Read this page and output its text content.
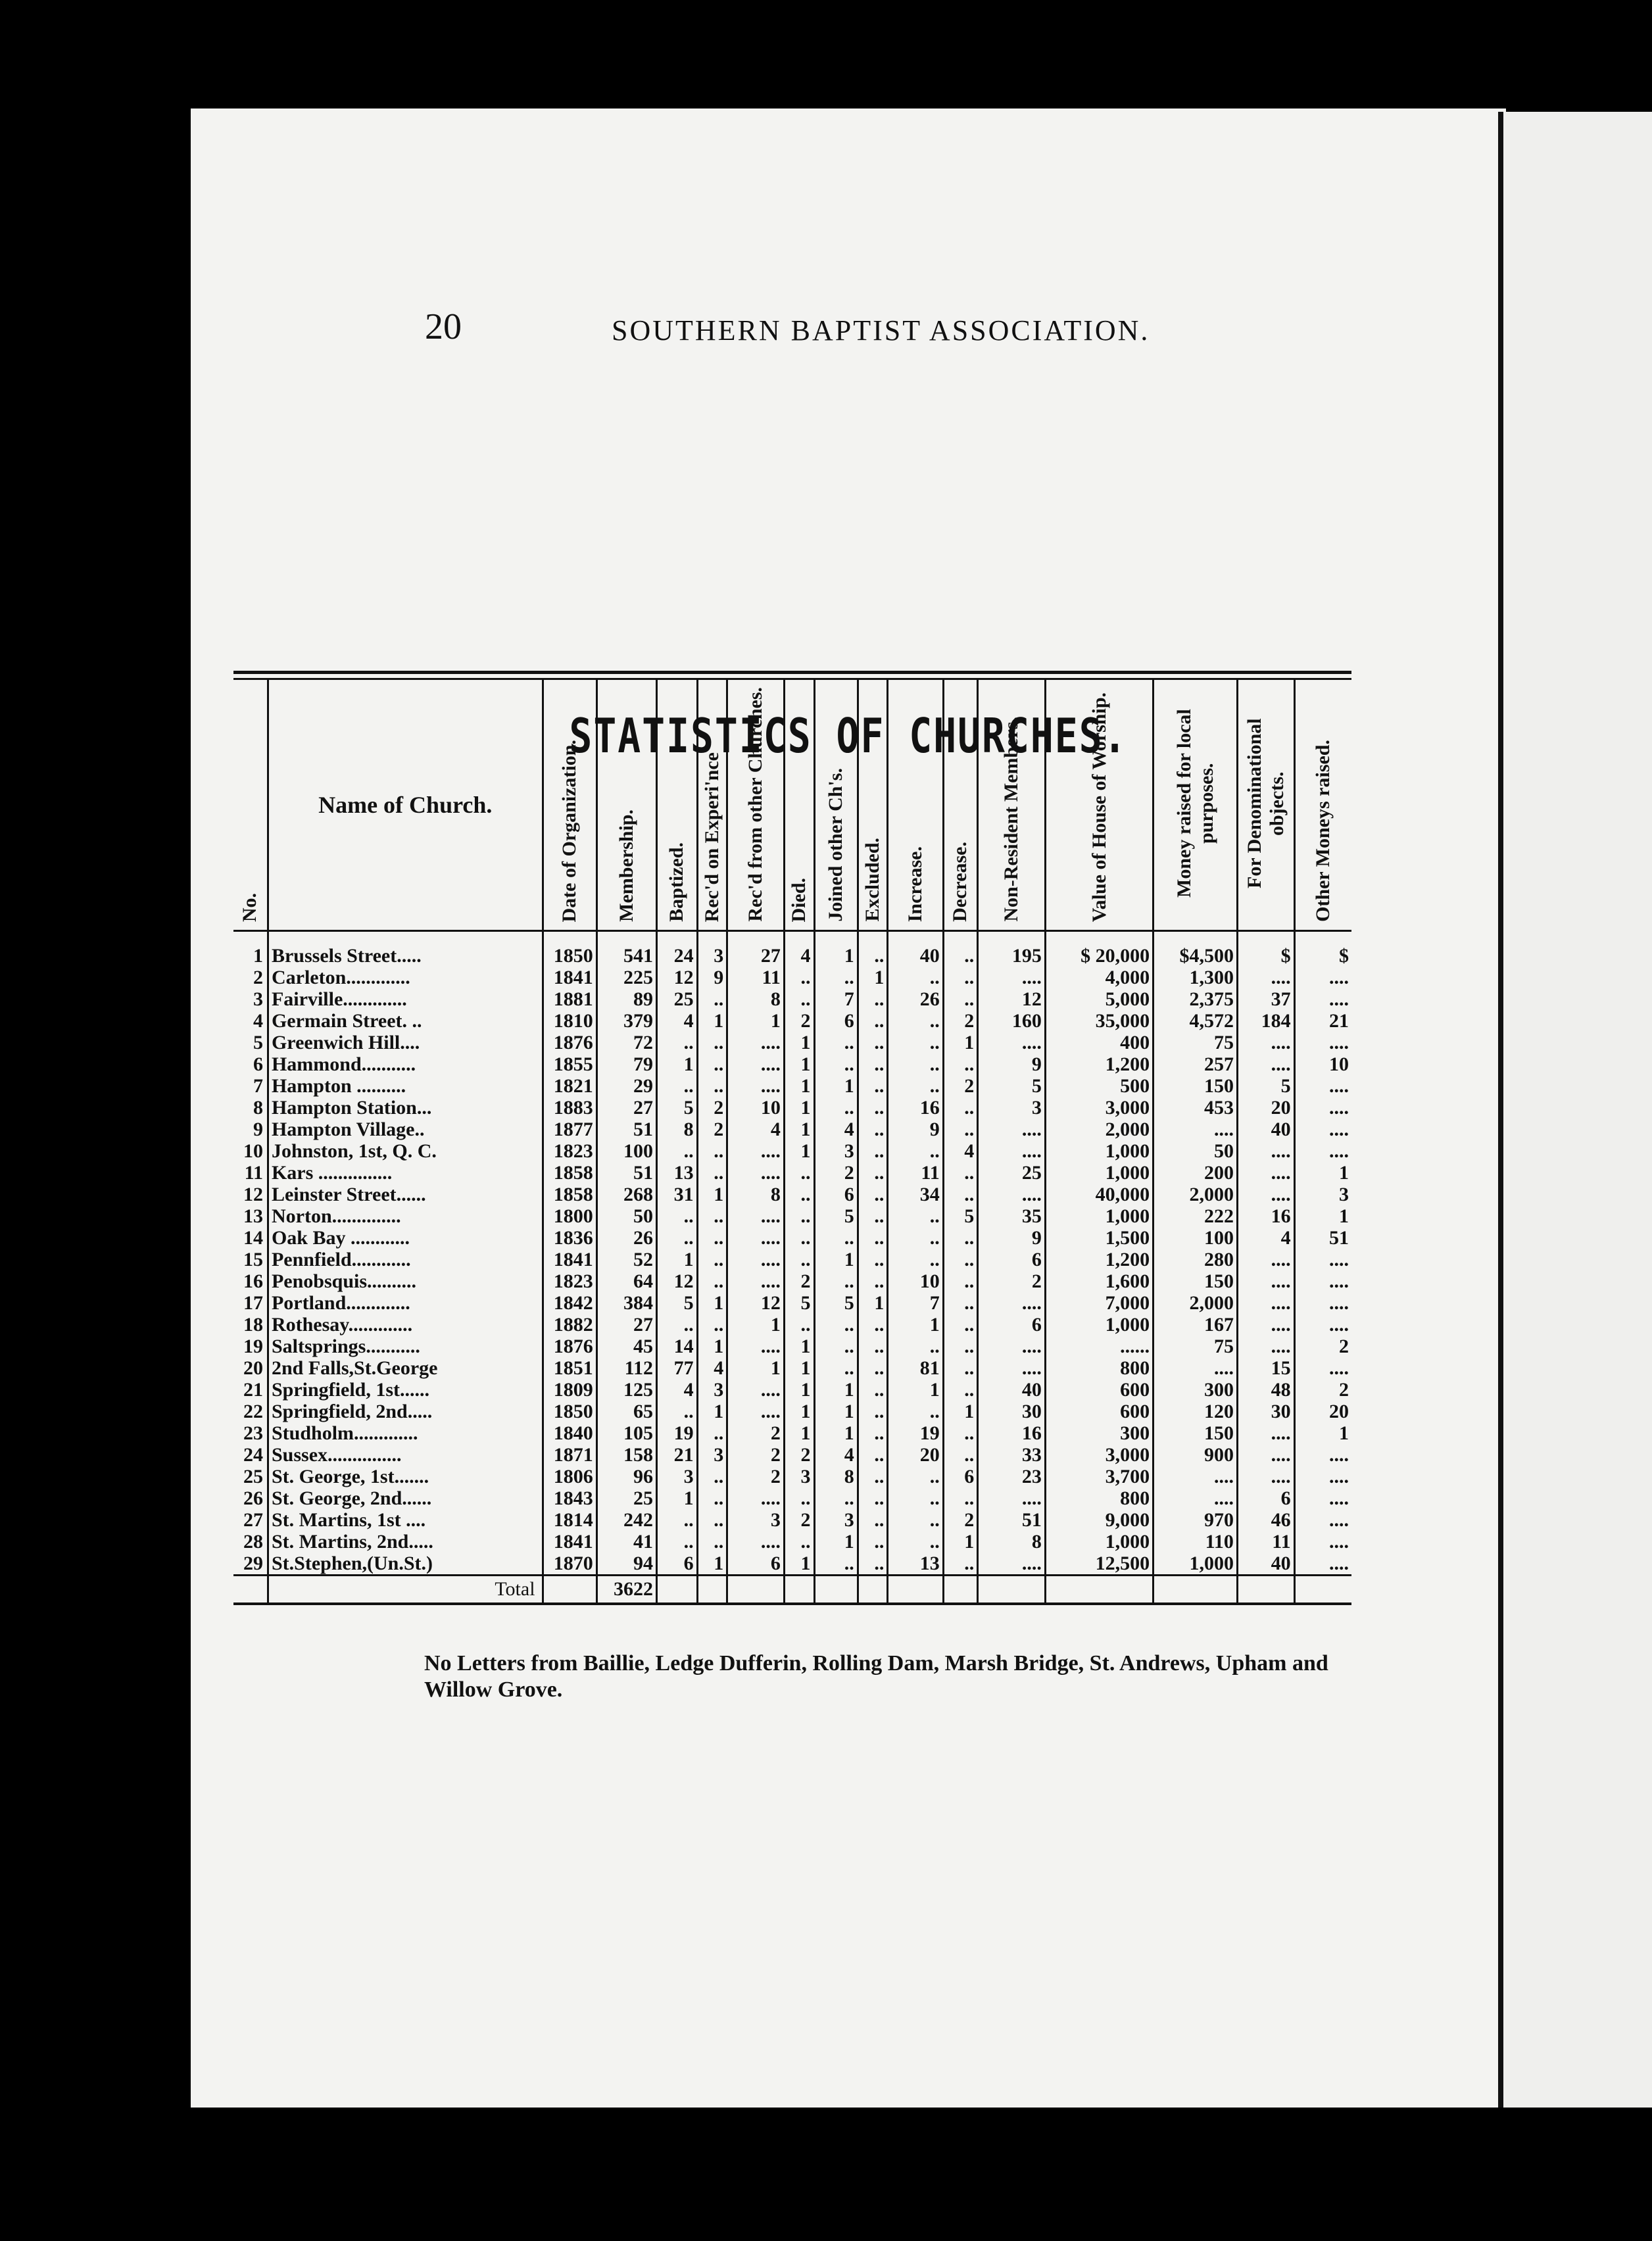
20	SOUTHERN BAPTIST ASSOCIATION.
STATISTICS OF CHURCHES.
No.	Name of Church.	Date of Organization.	Membership.	Baptized.	Rec'd on Experi'nce	Rec'd from other Churches.	Died.	Joined other Ch's.	Excluded.	Increase.	Decrease.	Non-Resident Members.	Value of House of Worship.	Money raised for local purposes.	For Denominational objects.	Other Moneys raised.

1	Brussels Street.....	1850	541	24	3	27	4	1	..	40	..	195	$ 20,000	$4,500	$	$
2	Carleton.............	1841	225	12	9	11	..	..	1	..	..	....	4,000	1,300	....	....
3	Fairville.............	1881	89	25	..	8	..	7	..	26	..	12	5,000	2,375	37	....
4	Germain Street. ..	1810	379	4	1	1	2	6	..	..	2	160	35,000	4,572	184	21
5	Greenwich Hill....	1876	72	..	..	....	1	..	..	..	1	....	400	75	....	....
6	Hammond...........	1855	79	1	..	....	1	..	..	..	..	9	1,200	257	....	10
7	Hampton ..........	1821	29	..	..	....	1	1	..	..	2	5	500	150	5	....
8	Hampton Station...	1883	27	5	2	10	1	..	..	16	..	3	3,000	453	20	....
9	Hampton Village..	1877	51	8	2	4	1	4	..	9	..	....	2,000	....	40	....
10	Johnston, 1st, Q. C.	1823	100	..	..	....	1	3	..	..	4	....	1,000	50	....	....
11	Kars ...............	1858	51	13	..	....	..	2	..	11	..	25	1,000	200	....	1
12	Leinster Street......	1858	268	31	1	8	..	6	..	34	..	....	40,000	2,000	....	3
13	Norton..............	1800	50	..	..	....	..	5	..	..	5	35	1,000	222	16	1
14	Oak Bay ............	1836	26	..	..	....	..	..	..	..	..	9	1,500	100	4	51
15	Pennfield............	1841	52	1	..	....	..	1	..	..	..	6	1,200	280	....	....
16	Penobsquis..........	1823	64	12	..	....	2	..	..	10	..	2	1,600	150	....	....
17	Portland.............	1842	384	5	1	12	5	5	1	7	..	....	7,000	2,000	....	....
18	Rothesay.............	1882	27	..	..	1	..	..	..	1	..	6	1,000	167	....	....
19	Saltsprings...........	1876	45	14	1	....	1	..	..	..	..	....	......	75	....	2
20	2nd Falls,St.George	1851	112	77	4	1	1	..	..	81	..	....	800	....	15	....
21	Springfield, 1st......	1809	125	4	3	....	1	1	..	1	..	40	600	300	48	2
22	Springfield, 2nd.....	1850	65	..	1	....	1	1	..	..	1	30	600	120	30	20
23	Studholm.............	1840	105	19	..	2	1	1	..	19	..	16	300	150	....	1
24	Sussex...............	1871	158	21	3	2	2	4	..	20	..	33	3,000	900	....	....
25	St. George, 1st.......	1806	96	3	..	2	3	8	..	..	6	23	3,700	....	....	....
26	St. George, 2nd......	1843	25	1	..	....	..	..	..	..	..	....	800	....	6	....
27	St. Martins, 1st ....	1814	242	..	..	3	2	3	..	..	2	51	9,000	970	46	....
28	St. Martins, 2nd.....	1841	41	..	..	....	..	1	..	..	1	8	1,000	110	11	....
29	St.Stephen,(Un.St.)	1870	94	6	1	6	1	..	..	13	..	....	12,500	1,000	40	....
	Total		3622													
No Letters from Baillie, Ledge Dufferin, Rolling Dam, Marsh Bridge, St. Andrews, Upham and Willow Grove.
